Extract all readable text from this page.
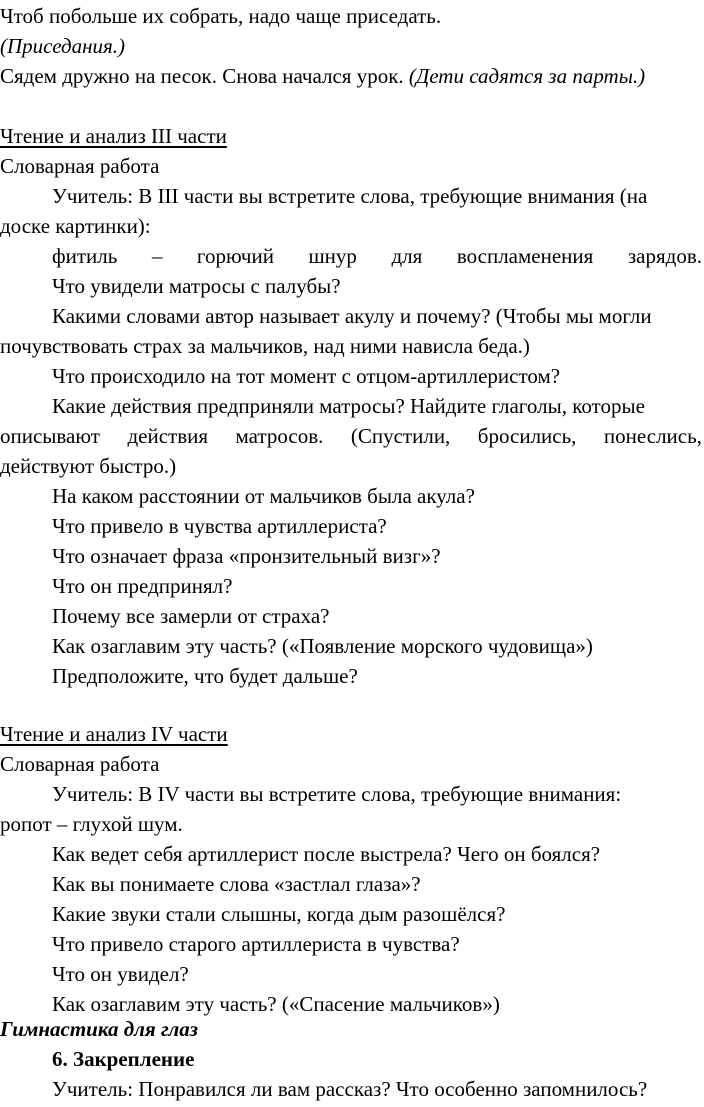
Чтоб побольше их собрать, надо чаще приседать.
(Приседания.)
Сядем дружно на песок. Снова начался урок. (Дети садятся за парты.)
Чтение и анализ III части
Словарная работа
Учитель: В III части вы встретите слова, требующие внимания (на
доске картинки):
фитиль – горючий шнур для воспламенения зарядов.
Что увидели матросы с палубы?
Какими словами автор называет акулу и почему? (Чтобы мы могли
почувствовать страх за мальчиков, над ними нависла беда.)
Что происходило на тот момент с отцом-артиллеристом?
Какие действия предприняли матросы? Найдите глаголы, которые
описывают действия матросов. (Спустили, бросились, понеслись,
действуют быстро.)
На каком расстоянии от мальчиков была акула?
Что привело в чувства артиллериста?
Что означает фраза «пронзительный визг»?
Что он предпринял?
Почему все замерли от страха?
Как озаглавим эту часть? («Появление морского чудовища»)
Предположите, что будет дальше?
Чтение и анализ IV части
Словарная работа
Учитель: В IV части вы встретите слова, требующие внимания:
ропот – глухой шум.
Как ведет себя артиллерист после выстрела? Чего он боялся?
Как вы понимаете слова «застлал глаза»?
Какие звуки стали слышны, когда дым разошёлся?
Что привело старого артиллериста в чувства?
Что он увидел?
Как озаглавим эту часть? («Спасение мальчиков»)
Гимнастика для глаз
6. Закрепление
Учитель: Понравился ли вам рассказ? Что особенно запомнилось?
